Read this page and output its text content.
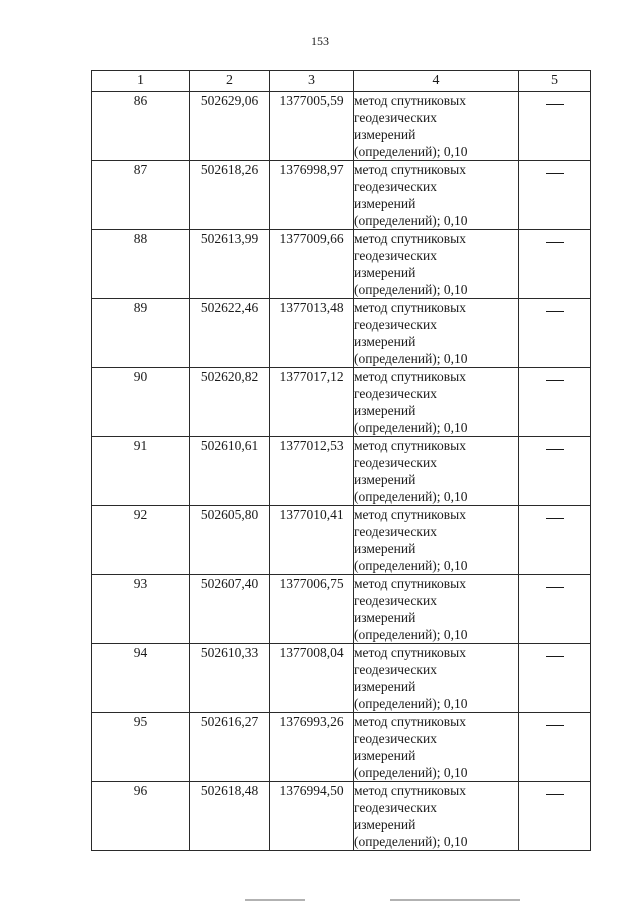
153
1	2	3	4	5
86	502629,06	1377005,59	метод спутниковых
геодезических
измерений
(определений); 0,10	

87	502618,26	1376998,97	метод спутниковых
геодезических
измерений
(определений); 0,10	

88	502613,99	1377009,66	метод спутниковых
геодезических
измерений
(определений); 0,10	

89	502622,46	1377013,48	метод спутниковых
геодезических
измерений
(определений); 0,10	

90	502620,82	1377017,12	метод спутниковых
геодезических
измерений
(определений); 0,10	

91	502610,61	1377012,53	метод спутниковых
геодезических
измерений
(определений); 0,10	

92	502605,80	1377010,41	метод спутниковых
геодезических
измерений
(определений); 0,10	

93	502607,40	1377006,75	метод спутниковых
геодезических
измерений
(определений); 0,10	

94	502610,33	1377008,04	метод спутниковых
геодезических
измерений
(определений); 0,10	

95	502616,27	1376993,26	метод спутниковых
геодезических
измерений
(определений); 0,10	

96	502618,48	1376994,50	метод спутниковых
геодезических
измерений
(определений); 0,10	
